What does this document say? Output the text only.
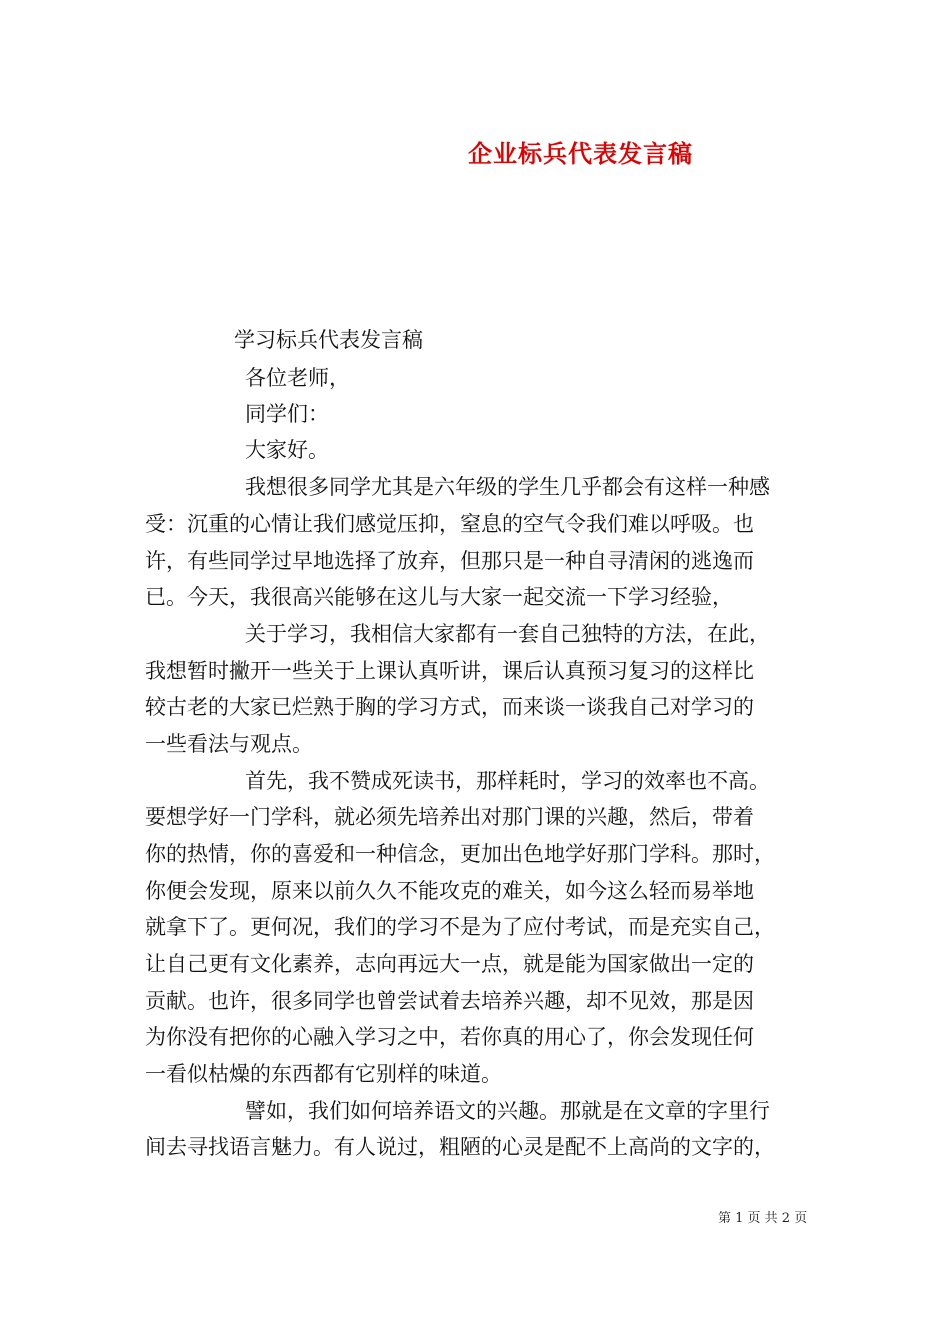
企业标兵代表发言稿
学习标兵代表发言稿
各位老师，
同学们：
大家好。
我想很多同学尤其是六年级的学生几乎都会有这样一种感
受：沉重的心情让我们感觉压抑，窒息的空气令我们难以呼吸。也
许，有些同学过早地选择了放弃，但那只是一种自寻清闲的逃逸而
已。今天，我很高兴能够在这儿与大家一起交流一下学习经验，
关于学习，我相信大家都有一套自己独特的方法，在此，
我想暂时撇开一些关于上课认真听讲，课后认真预习复习的这样比
较古老的大家已烂熟于胸的学习方式，而来谈一谈我自己对学习的
一些看法与观点。
首先，我不赞成死读书，那样耗时，学习的效率也不高。
要想学好一门学科，就必须先培养出对那门课的兴趣，然后，带着
你的热情，你的喜爱和一种信念，更加出色地学好那门学科。那时，
你便会发现，原来以前久久不能攻克的难关，如今这么轻而易举地
就拿下了。更何况，我们的学习不是为了应付考试，而是充实自己，
让自己更有文化素养，志向再远大一点，就是能为国家做出一定的
贡献。也许，很多同学也曾尝试着去培养兴趣，却不见效，那是因
为你没有把你的心融入学习之中，若你真的用心了，你会发现任何
一看似枯燥的东西都有它别样的味道。
譬如，我们如何培养语文的兴趣。那就是在文章的字里行
间去寻找语言魅力。有人说过，粗陋的心灵是配不上高尚的文字的，
第 1 页 共 2 页
